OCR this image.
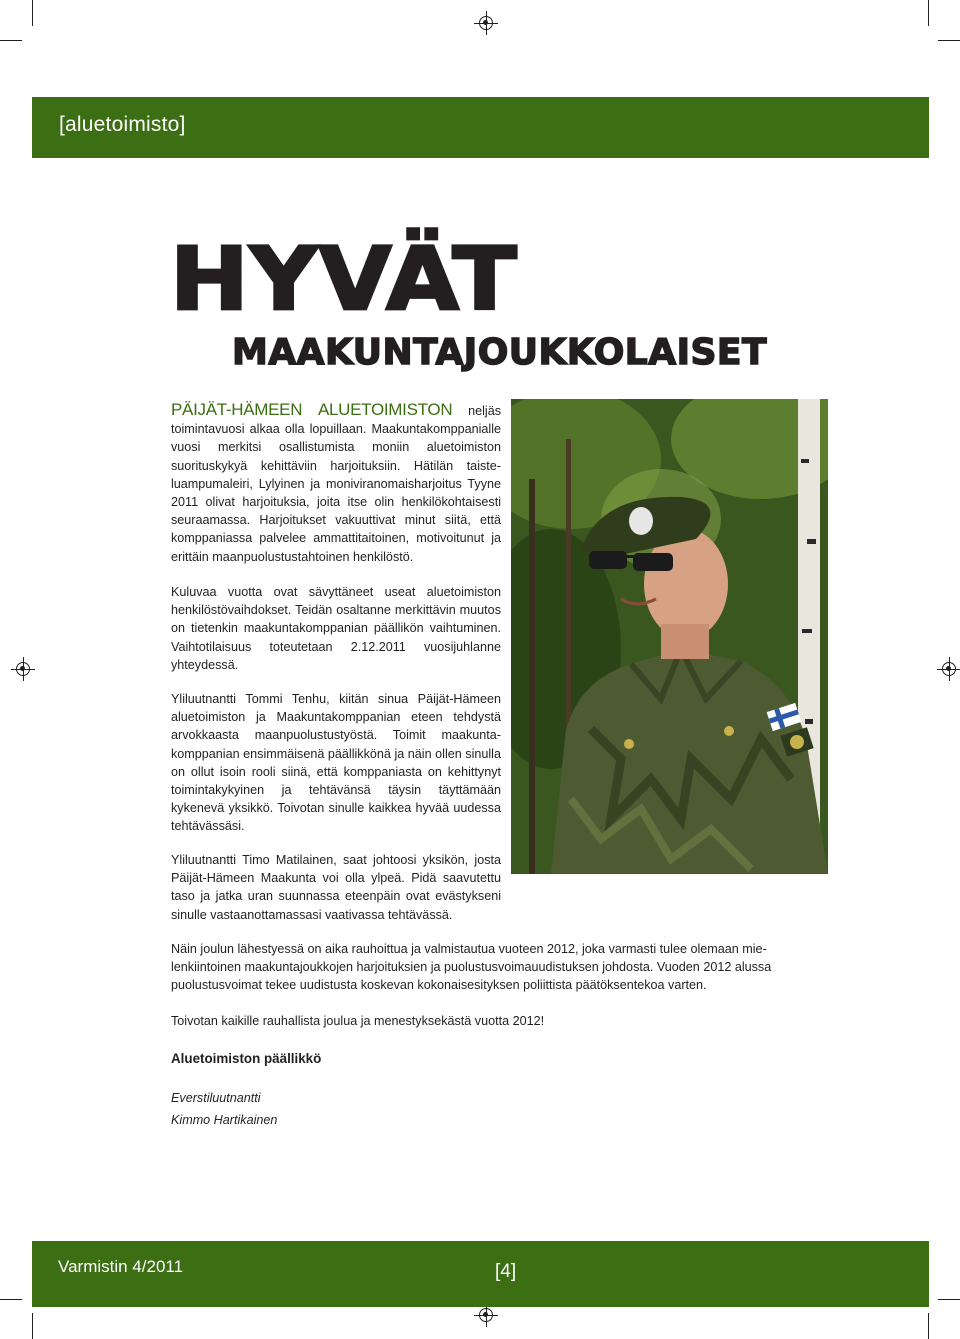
[aluetoimisto]
HYVÄT
MAAKUNTAJOUKKOLAISET
PÄIJÄT-HÄMEEN ALUETOIMISTON neljäs toimintavuosi alkaa olla lopuillaan. Maakuntakomppanialle vuosi merkitsi osallistumista moniin aluetoimiston suorituskykyä kehittäviin harjoituksiin. Hätilän taisteluampumaleiri, Lylyinen ja moniviranomaisharjoitus Tyyne 2011 olivat harjoituksia, joita itse olin henkilökohtaisesti seuraamassa. Harjoitukset vakuuttivat minut siitä, että komppaniassa palvelee ammattitaitoinen, motivoitunut ja erittäin maanpuolustustahtoinen henkilöstö.
Kuluvaa vuotta ovat sävyttäneet useat aluetoimiston henkilöstövaihdokset. Teidän osaltanne merkittävin muutos on tietenkin maakuntakomppanian päällikön vaihtuminen. Vaihtotilaisuus toteutetaan 2.12.2011 vuosijuhlanne yhteydessä.
Yliluutnantti Tommi Tenhu, kiitän sinua Päijät-Hämeen aluetoimiston ja Maakuntakomppanian eteen tehdystä arvokkaasta maanpuolustustyöstä. Toimit maakuntakomppanian ensimmäisenä päällikkönä ja näin ollen sinulla on ollut isoin rooli siinä, että komppaniasta on kehittynyt toimintakykyinen ja tehtävänsä täysin täyttämään kykenevä yksikkö. Toivotan sinulle kaikkea hyvää uudessa tehtävässäsi.
Yliluutnantti Timo Matilainen, saat johtoosi yksikön, josta Päijät-Hämeen Maakunta voi olla ylpeä. Pidä saavutettu taso ja jatka uran suunnassa eteenpäin ovat evästykseni sinulle vastaanottamassasi vaativassa tehtävässä.
Näin joulun lähestyessä on aika rauhoittua ja valmistautua vuoteen 2012, joka varmasti tulee olemaan mielenkiintoinen maakuntajoukkojen harjoituksien ja puolustusvoimauudistuksen johdosta. Vuoden 2012 alussa puolustusvoimat tekee uudistusta koskevan kokonaisesityksen poliittista päätöksentekoa varten.
Toivotan kaikille rauhallista joulua ja menestyksekästä vuotta 2012!
Aluetoimiston päällikkö
Everstiluutnantti
Kimmo Hartikainen
Varmistin 4/2011	[4]
